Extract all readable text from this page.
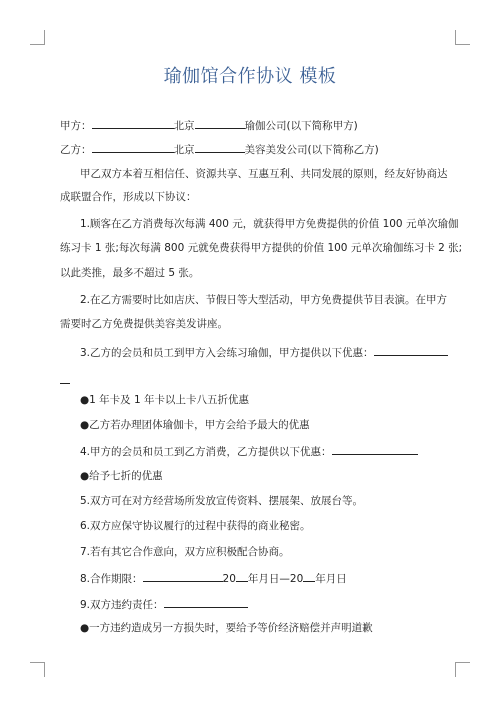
瑜伽馆合作协议 模板
甲方：	北京	瑜伽公司(以下简称甲方)
乙方：	北京	美容美发公司(以下简称乙方)
甲乙双方本着互相信任、资源共享、互惠互利、共同发展的原则，经友好协商达
成联盟合作，形成以下协议：
1.顾客在乙方消费每次每满 400 元，就获得甲方免费提供的价值 100 元单次瑜伽
练习卡 1 张;每次每满 800 元就免费获得甲方提供的价值 100 元单次瑜伽练习卡 2 张;
以此类推，最多不超过 5 张。
2.在乙方需要时比如店庆、节假日等大型活动，甲方免费提供节目表演。在甲方
需要时乙方免费提供美容美发讲座。
3.乙方的会员和员工到甲方入会练习瑜伽，甲方提供以下优惠：
●1 年卡及 1 年卡以上卡八五折优惠
●乙方若办理团体瑜伽卡，甲方会给予最大的优惠
4.甲方的会员和员工到乙方消费，乙方提供以下优惠：
●给予七折的优惠
5.双方可在对方经营场所发放宣传资料、摆展架、放展台等。
6.双方应保守协议履行的过程中获得的商业秘密。
7.若有其它合作意向，双方应积极配合协商。
8.合作期限：	20 年月日—20 年月日
9.双方违约责任：
●一方违约造成另一方损失时，要给予等价经济赔偿并声明道歉
